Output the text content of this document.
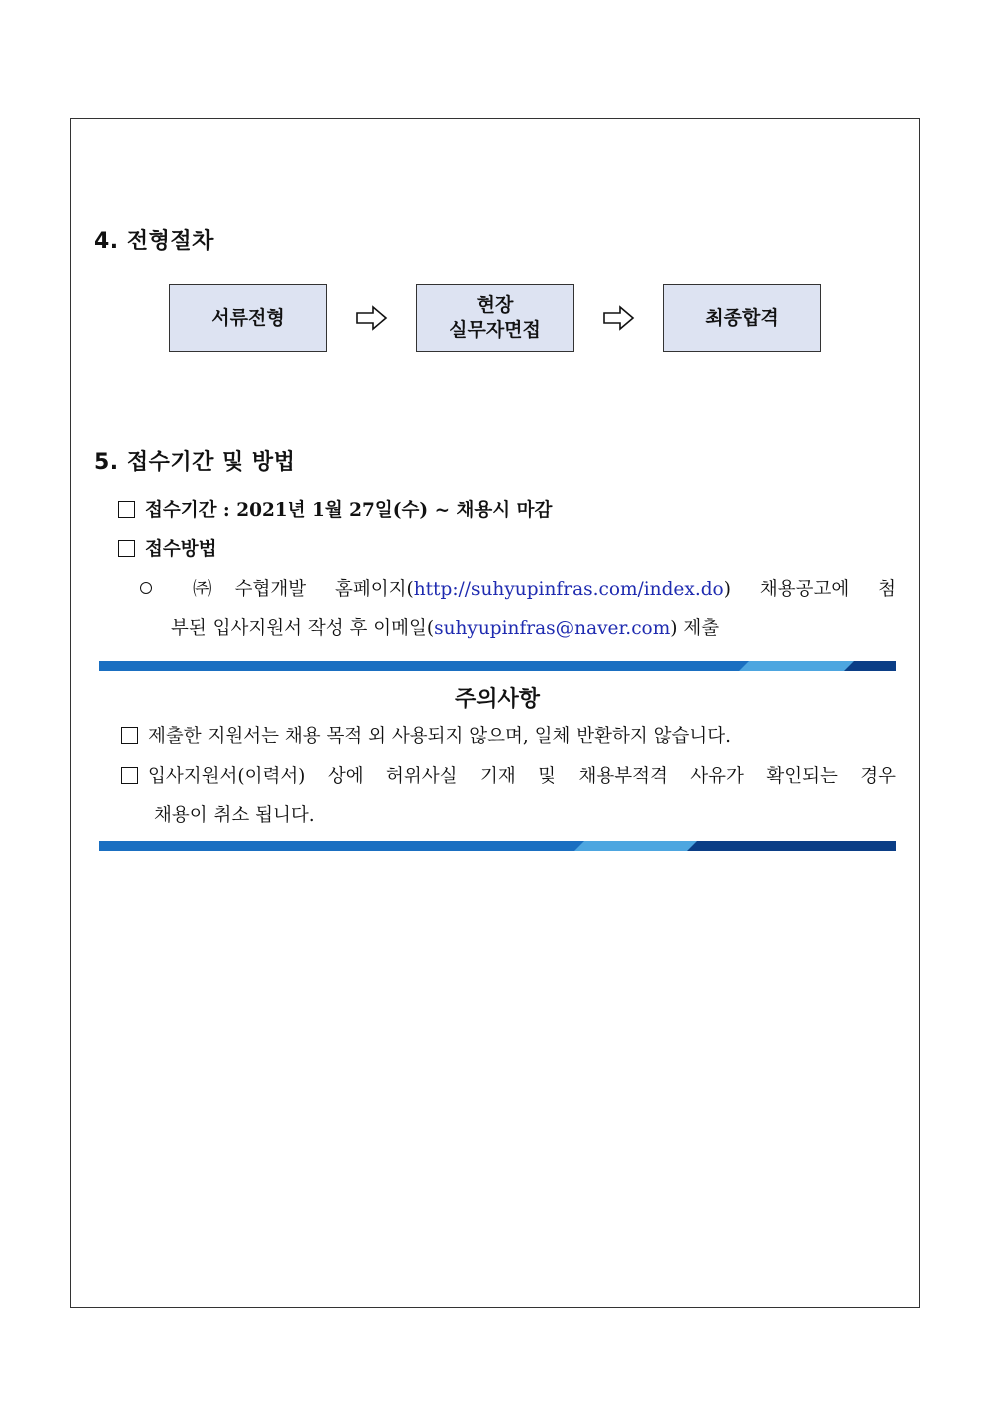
4. 전형절차
서류전형
현장
실무자면접
최종합격
5. 접수기간 및 방법
접수기간 : 2021년 1월 27일(수) ~ 채용시 마감
접수방법
㈜수협개발 홈페이지(http://suhyupinfras.com/index.do) 채용공고에 첨
부된 입사지원서 작성 후 이메일(suhyupinfras@naver.com) 제출
주의사항
제출한 지원서는 채용 목적 외 사용되지 않으며, 일체 반환하지 않습니다.
입사지원서(이력서) 상에 허위사실 기재 및 채용부적격 사유가 확인되는 경우
채용이 취소 됩니다.
